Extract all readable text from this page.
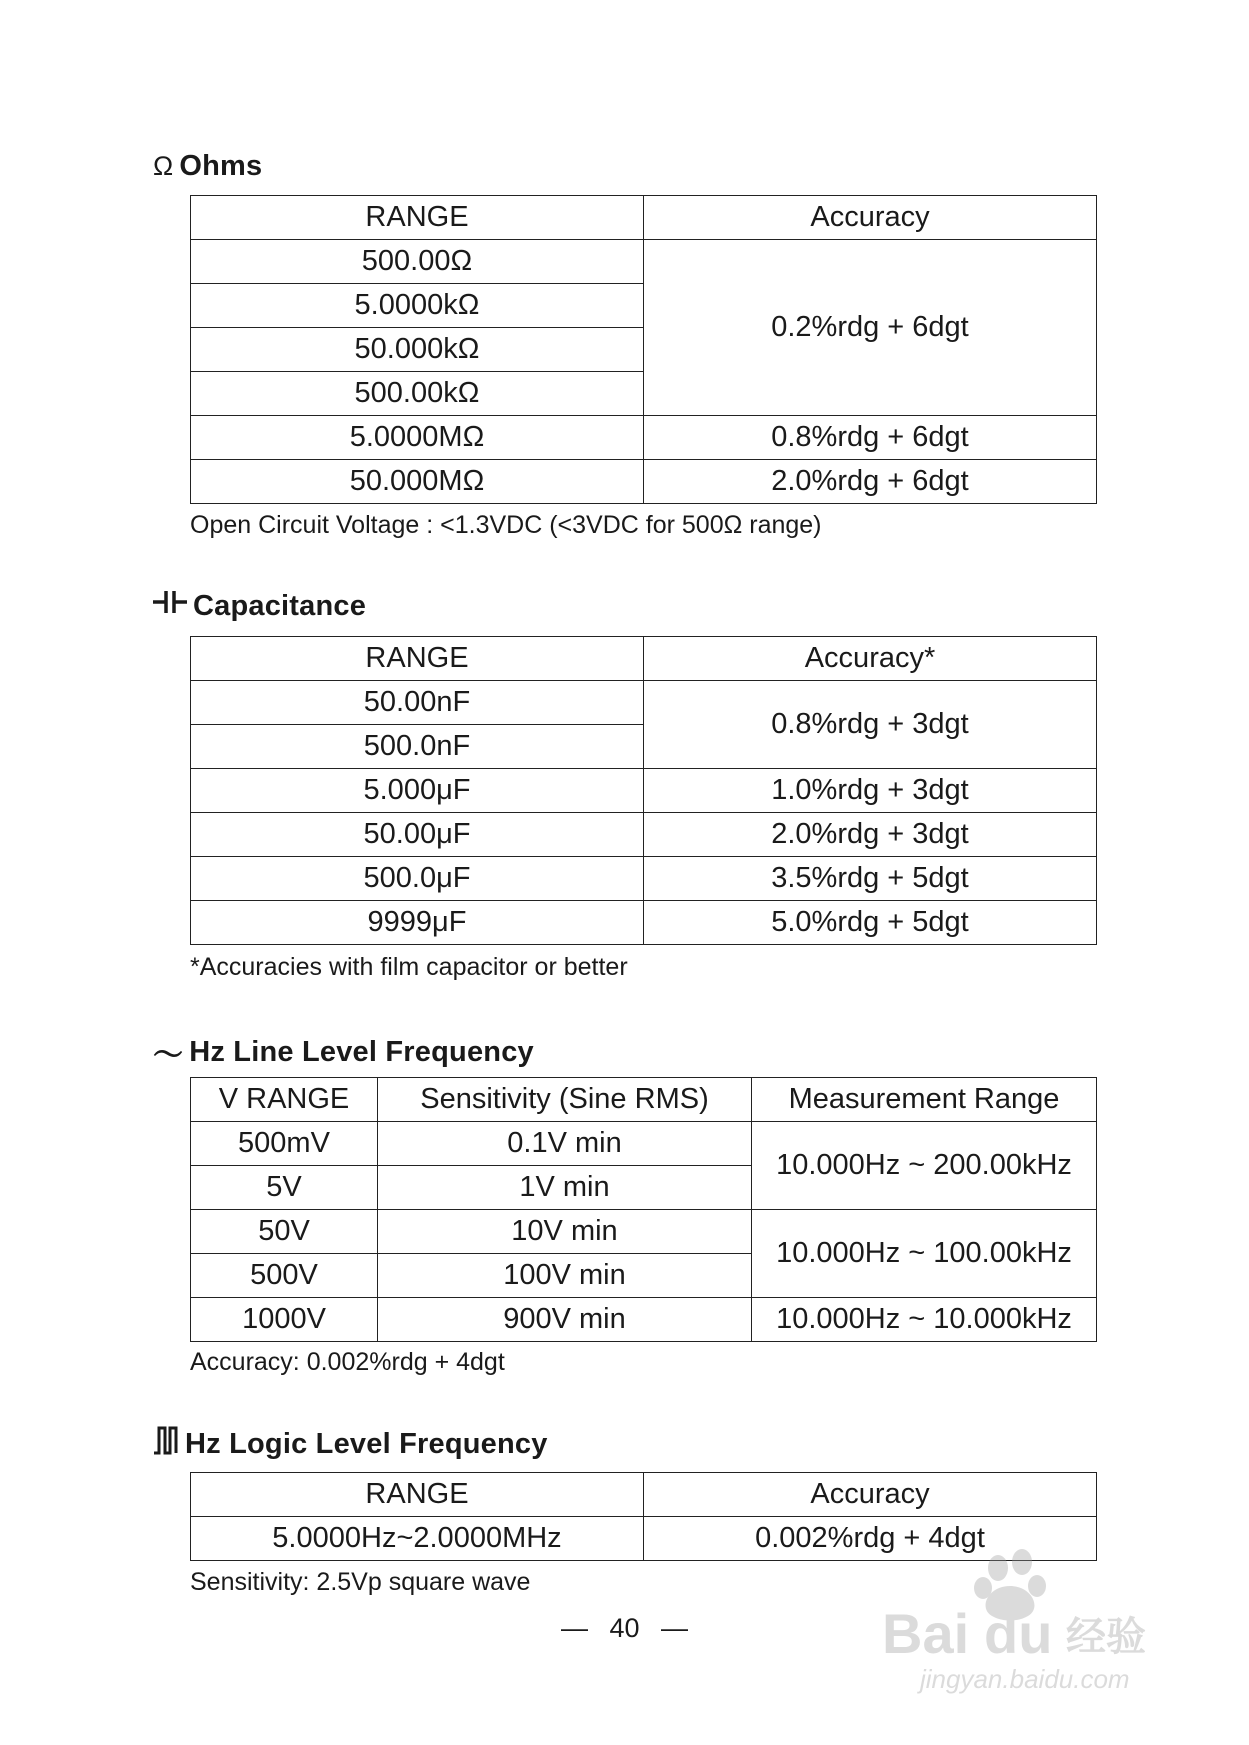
Ω Ohms
RANGE	Accuracy
500.00Ω	0.2%rdg + 6dgt
5.0000kΩ	
50.000kΩ	
500.00kΩ	
5.0000MΩ	0.8%rdg + 6dgt
50.000MΩ	2.0%rdg + 6dgt
Open Circuit Voltage : <1.3VDC (<3VDC for 500Ω range)
Capacitance
RANGE	Accuracy*
50.00nF	0.8%rdg + 3dgt
500.0nF	
5.000μF	1.0%rdg + 3dgt
50.00μF	2.0%rdg + 3dgt
500.0μF	3.5%rdg + 5dgt
9999μF	5.0%rdg + 5dgt
*Accuracies with film capacitor or better
～ Hz Line Level Frequency
V RANGE	Sensitivity (Sine RMS)	Measurement Range
500mV	0.1V min	10.000Hz ~ 200.00kHz
5V	1V min	
50V	10V min	10.000Hz ~ 100.00kHz
500V	100V min	
1000V	900V min	10.000Hz ~ 10.000kHz
Accuracy: 0.002%rdg + 4dgt
Hz Logic Level Frequency
RANGE	Accuracy
5.0000Hz~2.0000MHz	0.002%rdg + 4dgt
Sensitivity: 2.5Vp square wave
— 40 —	Bai du 经验
jingyan.baidu.com
